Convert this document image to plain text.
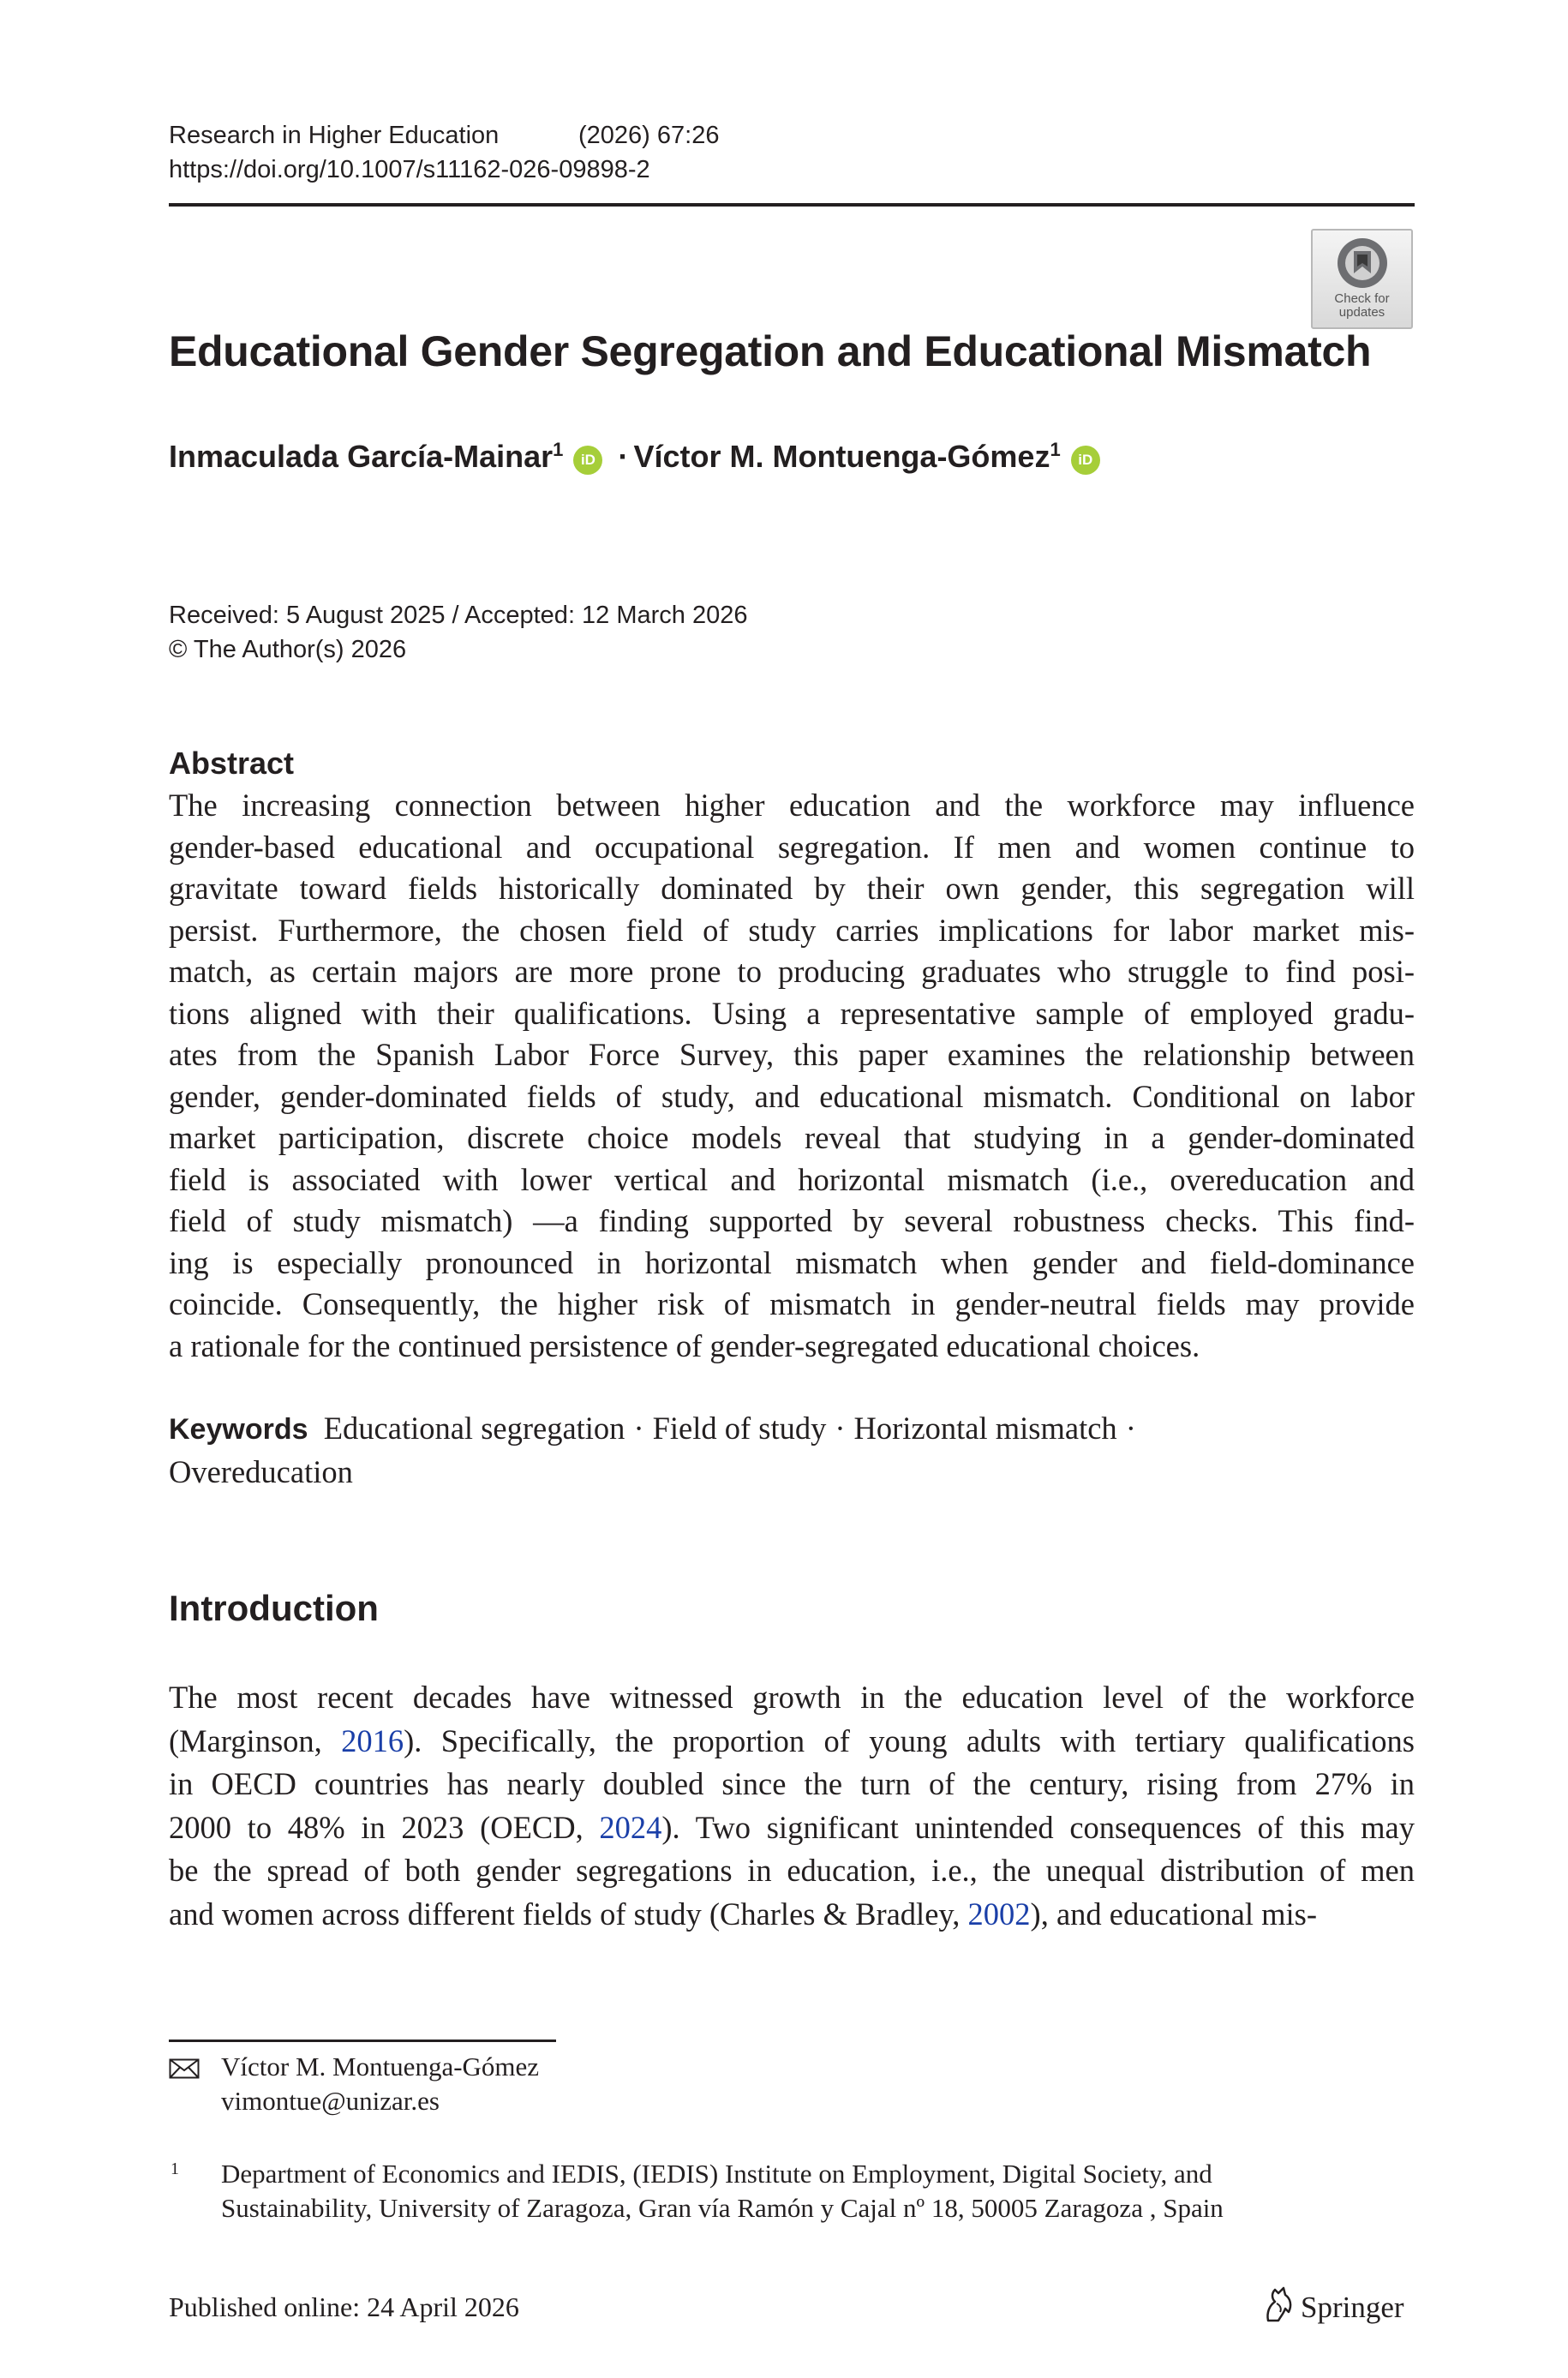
Research in Higher Education	(2026) 67:26
https://doi.org/10.1007/s11162-026-09898-2
Check for
updates
Educational Gender Segregation and Educational Mismatch
Inmaculada García-Mainar$^1$ iD · Víctor M. Montuenga-Gómez$^1$ iD
Received: 5 August 2025 / Accepted: 12 March 2026
© The Author(s) 2026
Abstract
The increasing connection between higher education and the workforce may influence
gender-based educational and occupational segregation. If men and women continue to
gravitate toward fields historically dominated by their own gender, this segregation will
persist. Furthermore, the chosen field of study carries implications for labor market mis-
match, as certain majors are more prone to producing graduates who struggle to find posi-
tions aligned with their qualifications. Using a representative sample of employed gradu-
ates from the Spanish Labor Force Survey, this paper examines the relationship between
gender, gender-dominated fields of study, and educational mismatch. Conditional on labor
market participation, discrete choice models reveal that studying in a gender-dominated
field is associated with lower vertical and horizontal mismatch (i.e., overeducation and
field of study mismatch) —a finding supported by several robustness checks. This find-
ing is especially pronounced in horizontal mismatch when gender and field-dominance
coincide. Consequently, the higher risk of mismatch in gender-neutral fields may provide
a rationale for the continued persistence of gender-segregated educational choices.
Keywords Educational segregation · Field of study · Horizontal mismatch ·
Overeducation
Introduction
The most recent decades have witnessed growth in the education level of the workforce
(Marginson, 2016). Specifically, the proportion of young adults with tertiary qualifications
in OECD countries has nearly doubled since the turn of the century, rising from 27% in
2000 to 48% in 2023 (OECD, 2024). Two significant unintended consequences of this may
be the spread of both gender segregations in education, i.e., the unequal distribution of men
and women across different fields of study (Charles & Bradley, 2002), and educational mis-
Víctor M. Montuenga-Gómez
vimontue@unizar.es
1 Department of Economics and IEDIS, (IEDIS) Institute on Employment, Digital Society, and
Sustainability, University of Zaragoza, Gran vía Ramón y Cajal nº 18, 50005 Zaragoza , Spain
Published online: 24 April 2026	Springer
